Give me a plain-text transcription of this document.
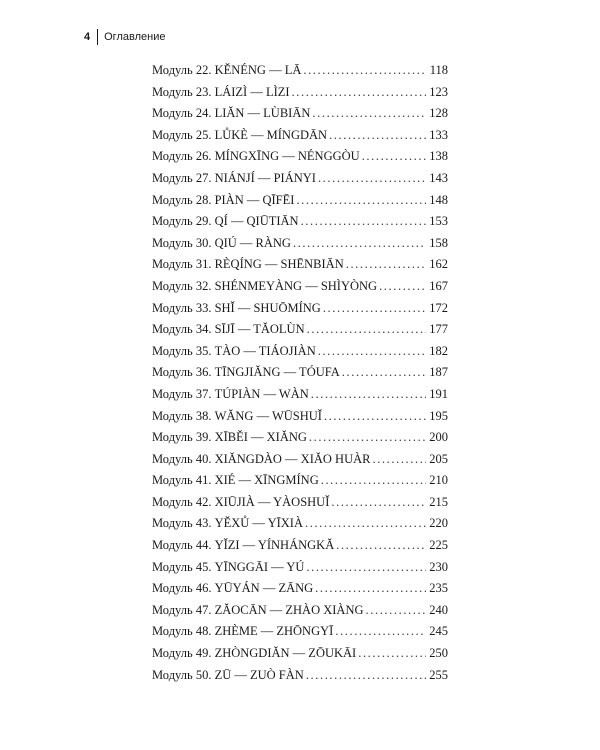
4 Оглавление
Модуль 22. KĚNÉNG — LĀ .....	118
Модуль 23. LÁIZÌ — LÌZI .....	123
Модуль 24. LIĂN — LÙBIĀN .....	128
Модуль 25. LŮKÈ — MÍNGDĀN .....	133
Модуль 26. MÍNGXĪNG — NÉNGGÒU .....	138
Модуль 27. NIÁNJÍ — PIÁNYI .....	143
Модуль 28. PIÀN — QĪFĒI .....	148
Модуль 29. QÍ — QIŪTIĀN .....	153
Модуль 30. QIÚ — RÀNG .....	158
Модуль 31. RÈQÍNG — SHĒNBIĀN .....	162
Модуль 32. SHÉNMEYÀNG — SHÌYÒNG .....	167
Модуль 33. SHǏ — SHUŌMÍNG .....	172
Модуль 34. SĪJĪ — TĂOLÙN .....	177
Модуль 35. TÀO — TIÁOJIÀN .....	182
Модуль 36. TĪNGJIĂNG — TÓUFA .....	187
Модуль 37. TÚPIÀN — WÀN .....	191
Модуль 38. WĂNG — WŪSHUǏ .....	195
Модуль 39. XĪBĚI — XIĂNG .....	200
Модуль 40. XIĂNGDÀO — XIĂO HUÀR .....	205
Модуль 41. XIÉ — XĪNGMÍNG .....	210
Модуль 42. XIŪJIÀ — YÀOSHUǏ .....	215
Модуль 43. YĚXŮ — YĪXIÀ .....	220
Модуль 44. YǏZI — YÍNHÁNGKĂ .....	225
Модуль 45. YĪNGGĀI — YÚ .....	230
Модуль 46. YŪYÁN — ZĀNG .....	235
Модуль 47. ZĂOCĀN — ZHÀO XIÀNG .....	240
Модуль 48. ZHÈME — ZHŌNGYĪ .....	245
Модуль 49. ZHÒNGDIĂN — ZŌUKĀI .....	250
Модуль 50. ZŪ — ZUÒ FÀN .....	255
